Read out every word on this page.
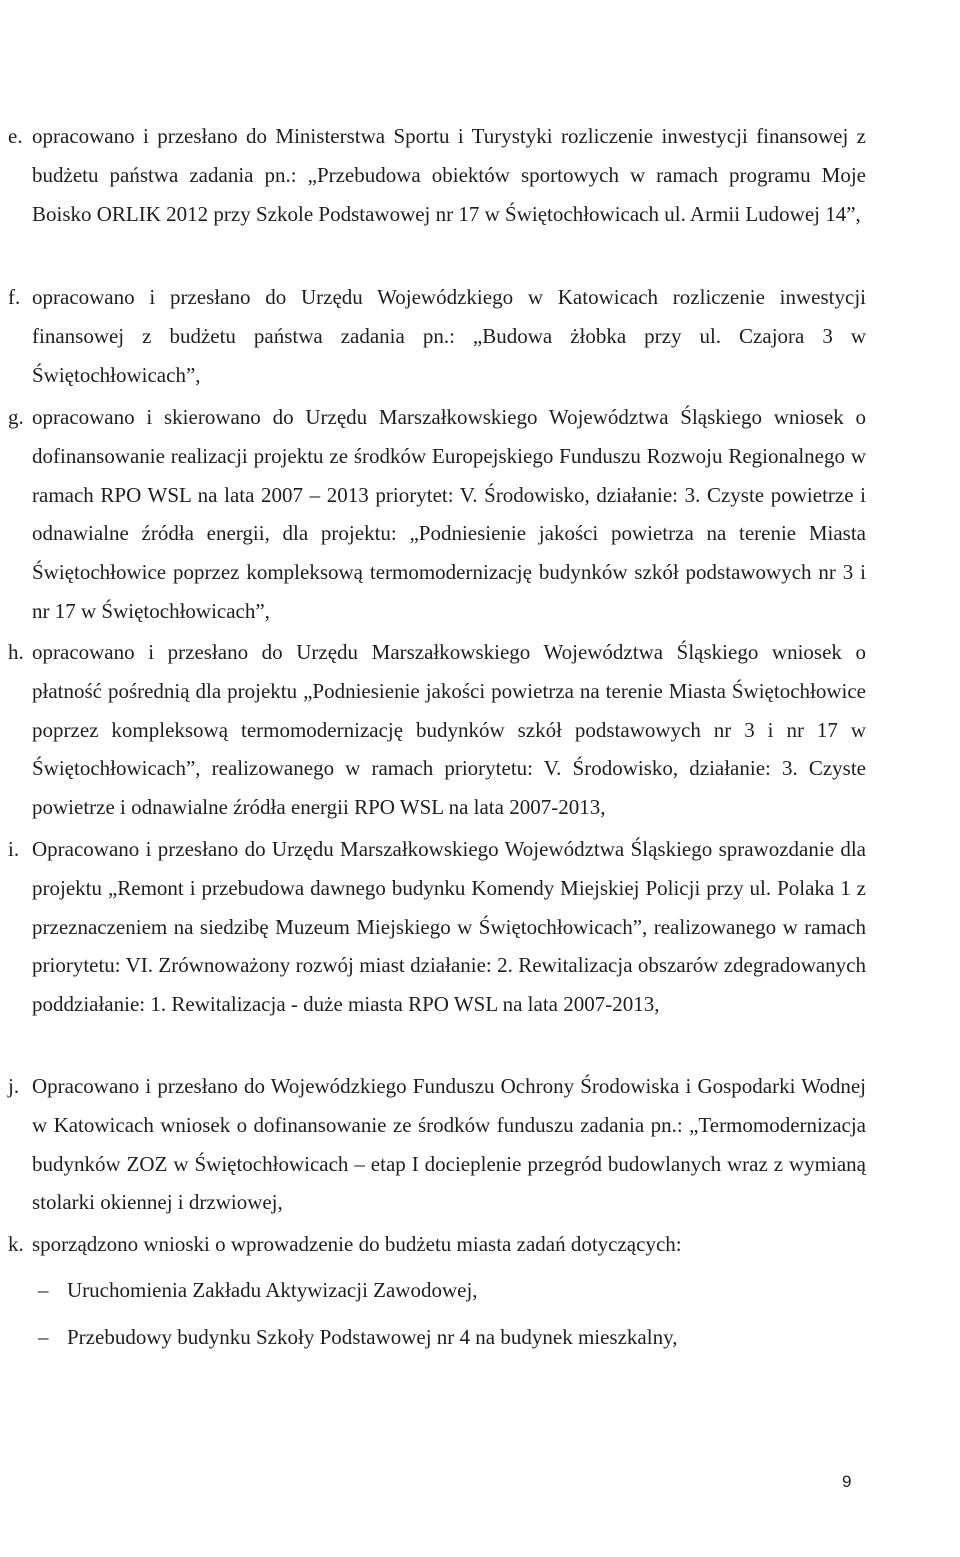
e. opracowano i przesłano do Ministerstwa Sportu i Turystyki rozliczenie inwestycji finansowej z budżetu państwa zadania pn.: „Przebudowa obiektów sportowych w ramach programu Moje Boisko ORLIK 2012 przy Szkole Podstawowej nr 17 w Świętochłowicach ul. Armii Ludowej 14”,
f. opracowano i przesłano do Urzędu Wojewódzkiego w Katowicach rozliczenie inwestycji finansowej z budżetu państwa zadania pn.: „Budowa żłobka przy ul. Czajora 3 w Świętochłowicach”,
g. opracowano i skierowano do Urzędu Marszałkowskiego Województwa Śląskiego wniosek o dofinansowanie realizacji projektu ze środków Europejskiego Funduszu Rozwoju Regionalnego w ramach RPO WSL na lata 2007 – 2013 priorytet: V. Środowisko, działanie: 3. Czyste powietrze i odnawialne źródła energii, dla projektu: „Podniesienie jakości powietrza na terenie Miasta Świętochłowice poprzez kompleksową termomodernizację budynków szkół podstawowych nr 3 i nr 17 w Świętochłowicach”,
h. opracowano i przesłano do Urzędu Marszałkowskiego Województwa Śląskiego wniosek o płatność pośrednią dla projektu „Podniesienie jakości powietrza na terenie Miasta Świętochłowice poprzez kompleksową termomodernizację budynków szkół podstawowych nr 3 i nr 17 w Świętochłowicach”, realizowanego w ramach priorytetu: V. Środowisko, działanie: 3. Czyste powietrze i odnawialne źródła energii RPO WSL na lata 2007-2013,
i. Opracowano i przesłano do Urzędu Marszałkowskiego Województwa Śląskiego sprawozdanie dla projektu „Remont i przebudowa dawnego budynku Komendy Miejskiej Policji przy ul. Polaka 1 z przeznaczeniem na siedzibę Muzeum Miejskiego w Świętochłowicach”, realizowanego w ramach priorytetu: VI. Zrównoważony rozwój miast działanie: 2. Rewitalizacja obszarów zdegradowanych poddziałanie: 1. Rewitalizacja - duże miasta RPO WSL na lata 2007-2013,
j. Opracowano i przesłano do Wojewódzkiego Funduszu Ochrony Środowiska i Gospodarki Wodnej w Katowicach wniosek o dofinansowanie ze środków funduszu zadania pn.: „Termomodernizacja budynków ZOZ w Świętochłowicach – etap I docieplenie przegród budowlanych wraz z wymianą stolarki okiennej i drzwiowej,
k. sporządzono wnioski o wprowadzenie do budżetu miasta zadań dotyczących:
– Uruchomienia Zakładu Aktywizacji Zawodowej,
– Przebudowy budynku Szkoły Podstawowej nr 4 na budynek mieszkalny,
9
